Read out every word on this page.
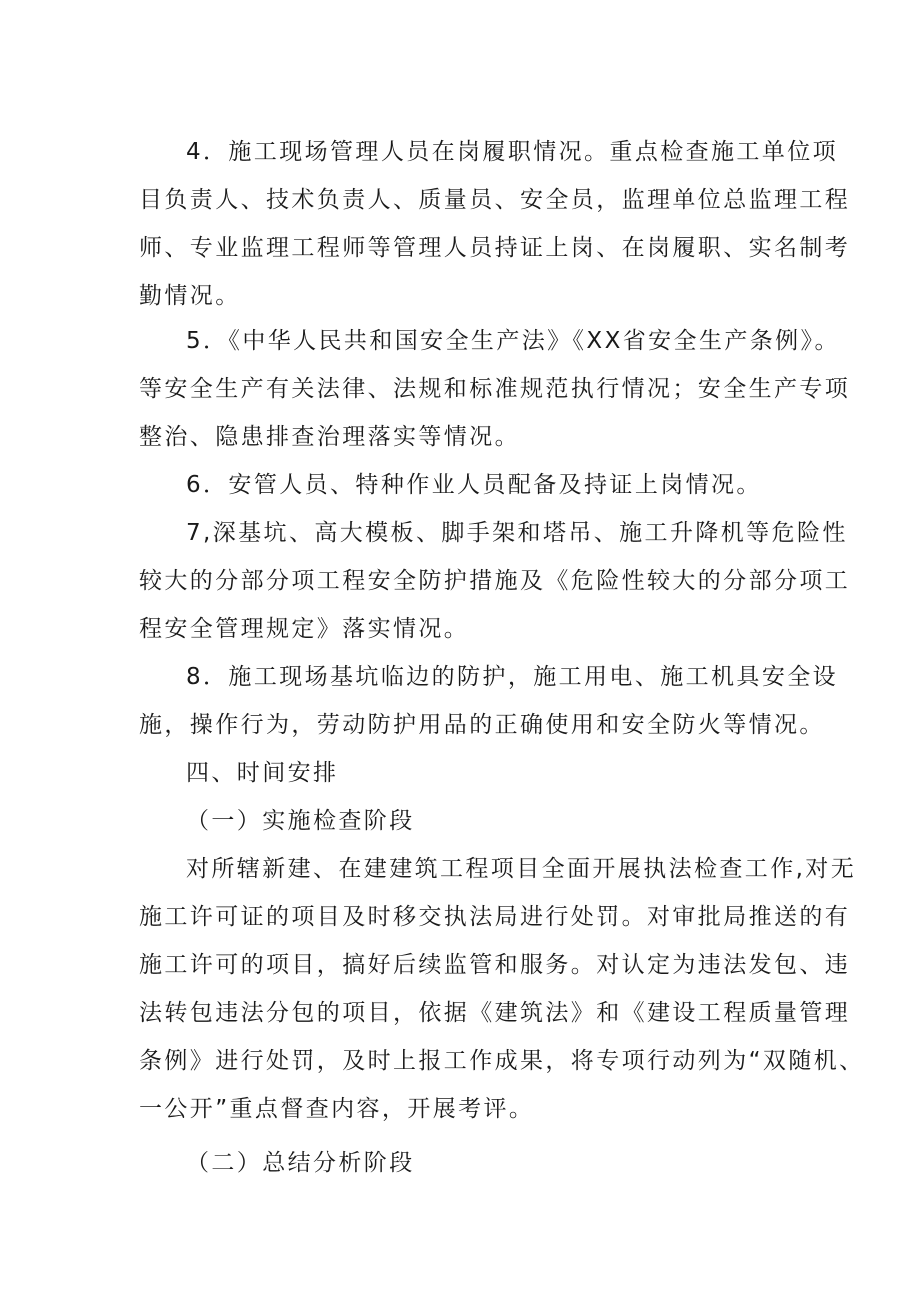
4．施工现场管理人员在岗履职情况。重点检查施工单位项
目负责人、技术负责人、质量员、安全员，监理单位总监理工程
师、专业监理工程师等管理人员持证上岗、在岗履职、实名制考
勤情况。
5．《中华人民共和国安全生产法》《XX省安全生产条例》。
等安全生产有关法律、法规和标准规范执行情况；安全生产专项
整治、隐患排查治理落实等情况。
6．安管人员、特种作业人员配备及持证上岗情况。
7,深基坑、高大模板、脚手架和塔吊、施工升降机等危险性
较大的分部分项工程安全防护措施及《危险性较大的分部分项工
程安全管理规定》落实情况。
8．施工现场基坑临边的防护，施工用电、施工机具安全设
施，操作行为，劳动防护用品的正确使用和安全防火等情况。
四、时间安排
（一）实施检查阶段
对所辖新建、在建建筑工程项目全面开展执法检查工作,对无
施工许可证的项目及时移交执法局进行处罚。对审批局推送的有
施工许可的项目，搞好后续监管和服务。对认定为违法发包、违
法转包违法分包的项目，依据《建筑法》和《建设工程质量管理
条例》进行处罚，及时上报工作成果，将专项行动列为“双随机、
一公开”重点督查内容，开展考评。
（二）总结分析阶段
